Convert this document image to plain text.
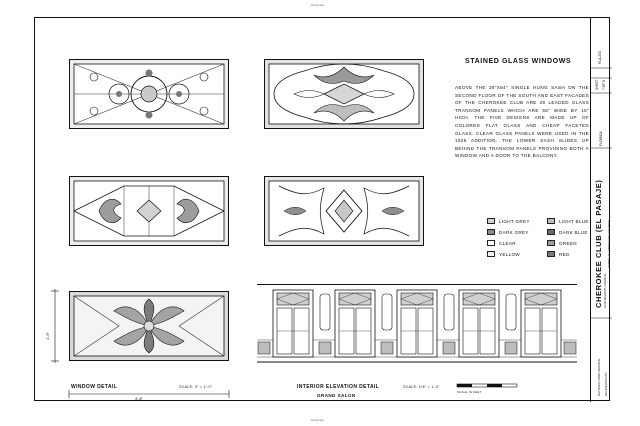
Crop Line
Crop Line
STAINED GLASS WINDOWS
ABOVE THE 39"X84" SINGLE HUNG SASH ON THE SECOND FLOOR OF THE SOUTH AND EAST FACADES OF THE CHEROKEE CLUB ARE 28 LEADED GLASS TRANSOM PANELS WHICH ARE 56" WIDE BY 18" HIGH. THE FIVE DESIGNS ARE MADE UP OF COLORED FLAT GLASS AND CHEAP FACETED GLASS. CLEAR GLASS PANELS WERE USED IN THE 1925 ADDITION. THE LOWER SASH SLIDES UP BEHIND THE TRANSOM PANELS PROVIDING BOTH A WINDOW AND A DOOR TO THE BALCONY.
LIGHT GREY
DARK GREY
CLEAR
YELLOW
LIGHT BLUE
DARK BLUE
GREEN
RED
WINDOW DETAIL	SCALE: 3" = 1'-0"
4'-8"
1'-6"
INTERIOR ELEVATION DETAIL
GRAND SALON
SCALE: 1/8" = 1'-0"
SCALE IN FEET
FLA-253
SHEET 7 OF 8
FLORIDA
CHEROKEE CLUB (EL PASAJE) 1330 SEVENTH AVENUE
TAMPA HILLSBOROUGH COUNTY
NATIONAL PARK SERVICE DELINEATED BY:
